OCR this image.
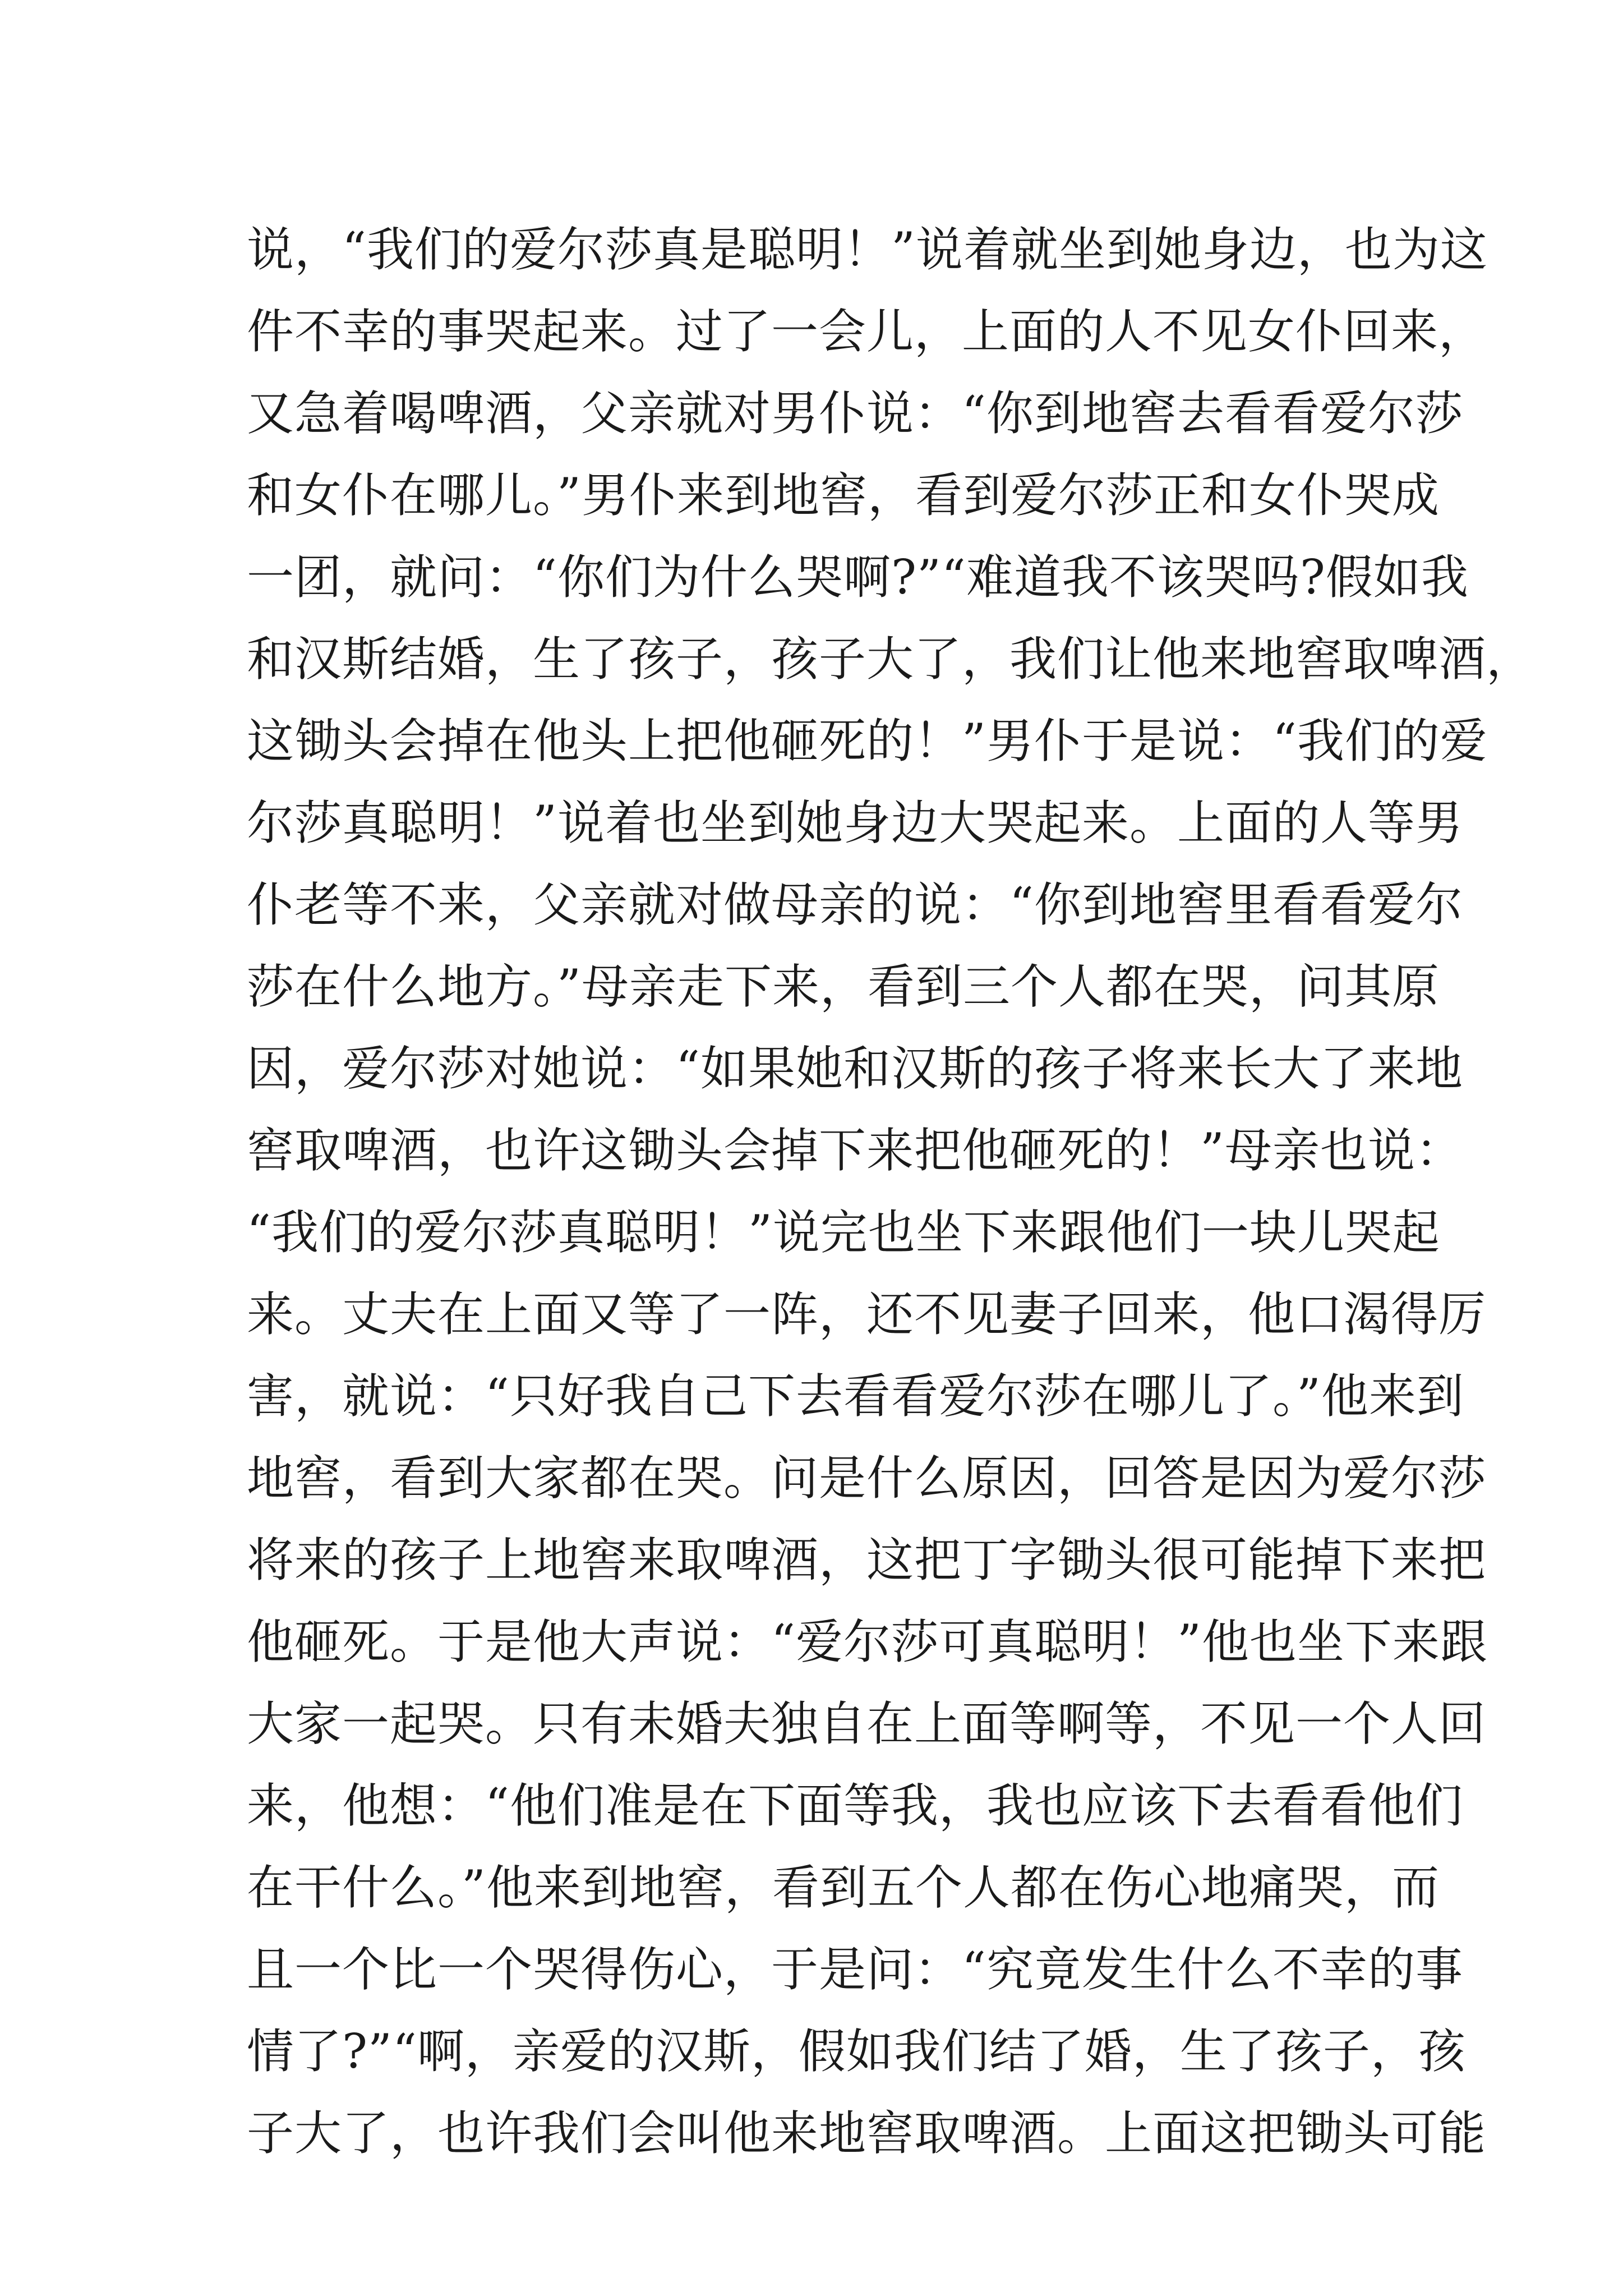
说，“我们的爱尔莎真是聪明！”说着就坐到她身边，也为这
件不幸的事哭起来。过了一会儿，上面的人不见女仆回来，
又急着喝啤酒，父亲就对男仆说：“你到地窖去看看爱尔莎
和女仆在哪儿。”男仆来到地窖，看到爱尔莎正和女仆哭成
一团，就问：“你们为什么哭啊?”“难道我不该哭吗?假如我
和汉斯结婚，生了孩子，孩子大了，我们让他来地窖取啤酒，
这锄头会掉在他头上把他砸死的！”男仆于是说：“我们的爱
尔莎真聪明！”说着也坐到她身边大哭起来。上面的人等男
仆老等不来，父亲就对做母亲的说：“你到地窖里看看爱尔
莎在什么地方。”母亲走下来，看到三个人都在哭，问其原
因，爱尔莎对她说：“如果她和汉斯的孩子将来长大了来地
窖取啤酒，也许这锄头会掉下来把他砸死的！”母亲也说：
“我们的爱尔莎真聪明！”说完也坐下来跟他们一块儿哭起
来。丈夫在上面又等了一阵，还不见妻子回来，他口渴得厉
害，就说：“只好我自己下去看看爱尔莎在哪儿了。”他来到
地窖，看到大家都在哭。问是什么原因，回答是因为爱尔莎
将来的孩子上地窖来取啤酒，这把丁字锄头很可能掉下来把
他砸死。于是他大声说：“爱尔莎可真聪明！”他也坐下来跟
大家一起哭。只有未婚夫独自在上面等啊等，不见一个人回
来，他想：“他们准是在下面等我，我也应该下去看看他们
在干什么。”他来到地窖，看到五个人都在伤心地痛哭，而
且一个比一个哭得伤心，于是问：“究竟发生什么不幸的事
情了?”“啊，亲爱的汉斯，假如我们结了婚，生了孩子，孩
子大了，也许我们会叫他来地窖取啤酒。上面这把锄头可能
